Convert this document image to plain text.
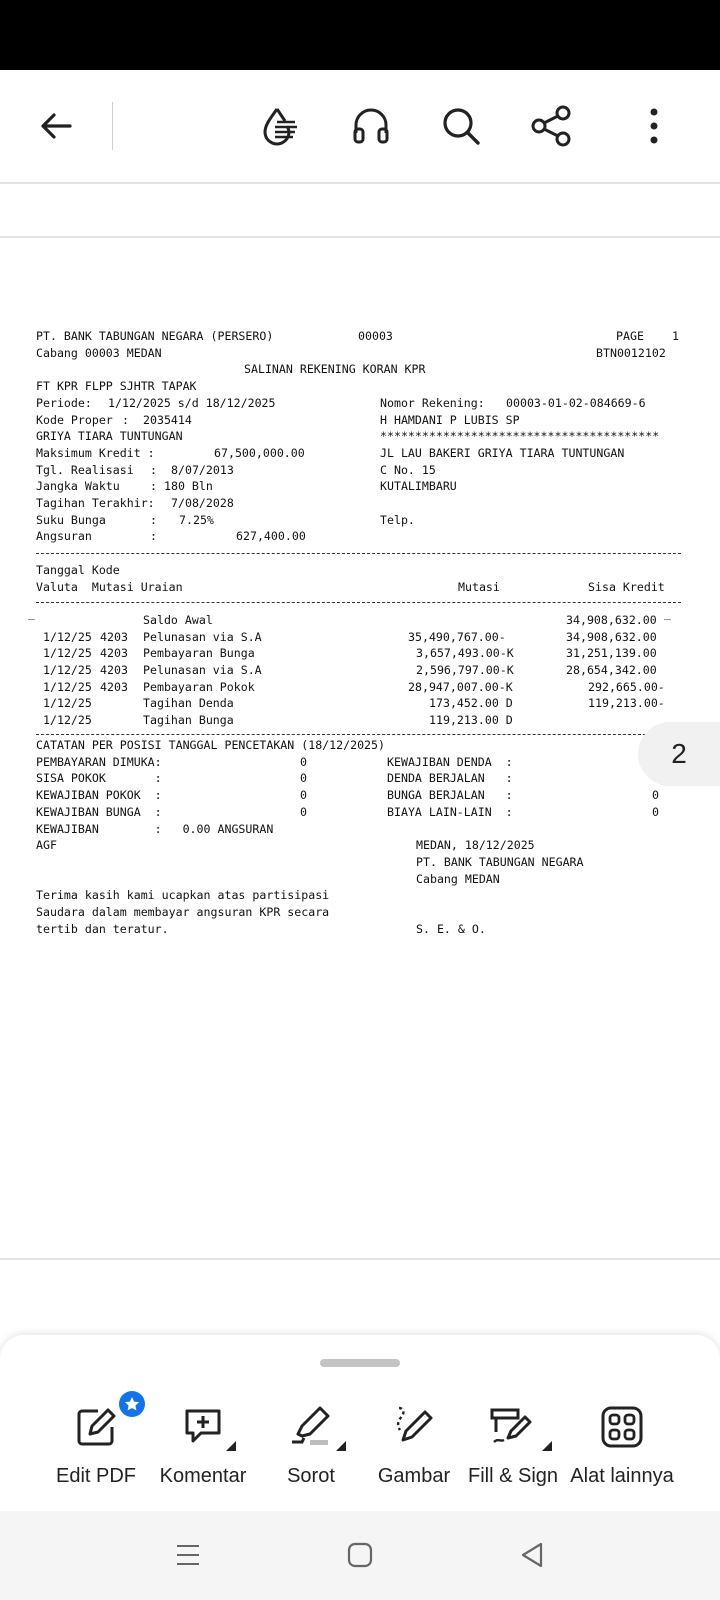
PT. BANK TABUNGAN NEGARA (PERSERO)	00003	PAGE 1
Cabang 00003 MEDAN	BTN0012102
SALINAN REKENING KORAN KPR
FT KPR FLPP SJHTR TAPAK
Periode: 1/12/2025 s/d 18/12/2025	Nomor Rekening: 00003-01-02-084669-6
Kode Proper : 2035414	H HAMDANI P LUBIS SP
GRIYA TIARA TUNTUNGAN	****************************************
Maksimum Kredit :	67,500,000.00	JL LAU BAKERI GRIYA TIARA TUNTUNGAN
Tgl. Realisasi : 8/07/2013	C No. 15
Jangka Waktu	: 180 Bln	KUTALIMBARU
Tagihan Terakhir: 7/08/2028
Suku Bunga	: 7.25%	Telp.
Angsuran	:	627,400.00
Tanggal Kode
Valuta  Mutasi Uraian	Mutasi	Sisa Kredit
_	Saldo Awal	34,908,632.00 _
1/12/25 4203 Pelunasan via S.A	35,490,767.00-	34,908,632.00
1/12/25 4203 Pembayaran Bunga	3,657,493.00-K	31,251,139.00
1/12/25 4203 Pelunasan via S.A	2,596,797.00-K	28,654,342.00
1/12/25 4203 Pembayaran Pokok	28,947,007.00-K	292,665.00-
1/12/25	Tagihan Denda	173,452.00 D	119,213.00-
1/12/25	Tagihan Bunga	119,213.00 D
CATATAN PER POSISI TANGGAL PENCETAKAN (18/12/2025)
PEMBAYARAN DIMUKA:	0
SISA POKOK       :	0
KEWAJIBAN POKOK  :	0
KEWAJIBAN BUNGA  :	0
KEWAJIBAN DENDA  :
DENDA BERJALAN   :
BUNGA BERJALAN   :	0
BIAYA LAIN-LAIN  :	0
KEWAJIBAN        :   0.00 ANGSURAN
AGF	MEDAN, 18/12/2025
PT. BANK TABUNGAN NEGARA
Cabang MEDAN
Terima kasih kami ucapkan atas partisipasi
Saudara dalam membayar angsuran KPR secara
tertib dan teratur.	S. E. & O.
2
Edit PDF	Komentar	Sorot	Gambar Fill & Sign Alat lainnya
